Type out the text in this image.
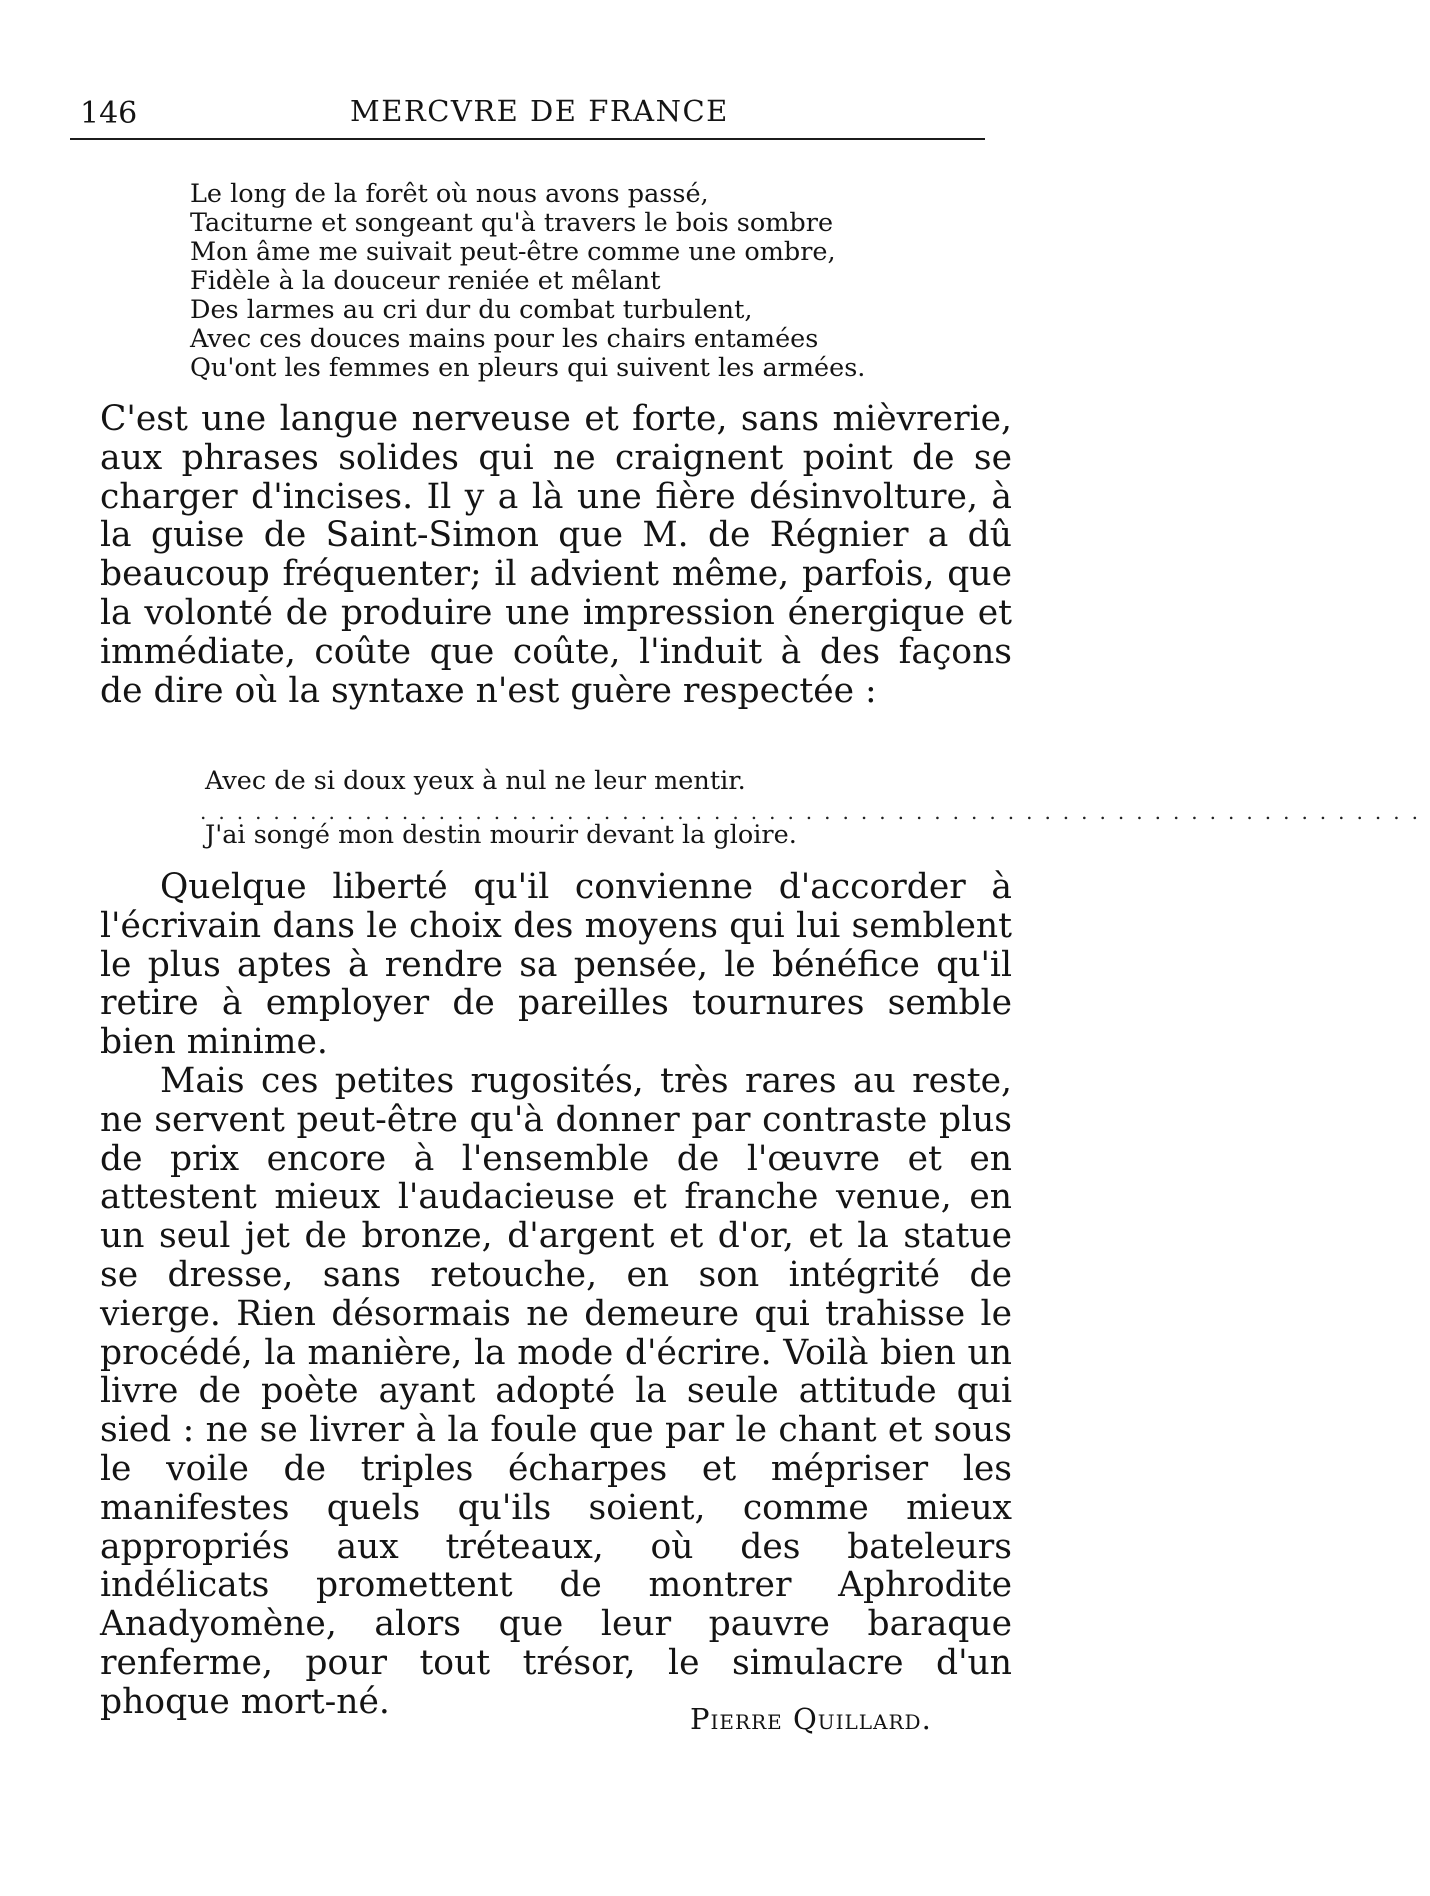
146	MERCVRE DE FRANCE
Le long de la forêt où nous avons passé,
Taciturne et songeant qu'à travers le bois sombre
Mon âme me suivait peut-être comme une ombre,
Fidèle à la douceur reniée et mêlant
Des larmes au cri dur du combat turbulent,
Avec ces douces mains pour les chairs entamées
Qu'ont les femmes en pleurs qui suivent les armées.

C'est une langue nerveuse et forte, sans mièvrerie, aux phrases solides qui ne craignent point de se charger d'incises. Il y a là une fière désinvolture, à la guise de Saint-Simon que M. de Régnier a dû beaucoup fréquenter; il advient même, parfois, que la volonté de produire une impression énergique et immédiate, coûte que coûte, l'induit à des façons de dire où la syntaxe n'est guère respectée :

Avec de si doux yeux à nul ne leur mentir.
...................................................................
J'ai songé mon destin mourir devant la gloire.

Quelque liberté qu'il convienne d'accorder à l'écrivain dans le choix des moyens qui lui semblent le plus aptes à rendre sa pensée, le bénéfice qu'il retire à employer de pareilles tournures semble bien minime.

Mais ces petites rugosités, très rares au reste, ne servent peut-être qu'à donner par contraste plus de prix encore à l'ensemble de l'œuvre et en attestent mieux l'audacieuse et franche venue, en un seul jet de bronze, d'argent et d'or, et la statue se dresse, sans retouche, en son intégrité de vierge. Rien désormais ne demeure qui trahisse le procédé, la manière, la mode d'écrire. Voilà bien un livre de poète ayant adopté la seule attitude qui sied : ne se livrer à la foule que par le chant et sous le voile de triples écharpes et mépriser les manifestes quels qu'ils soient, comme mieux appropriés aux tréteaux, où des bateleurs indélicats promettent de montrer Aphrodite Anadyomène, alors que leur pauvre baraque renferme, pour tout trésor, le simulacre d'un phoque mort-né.	Pierre Quillard.
